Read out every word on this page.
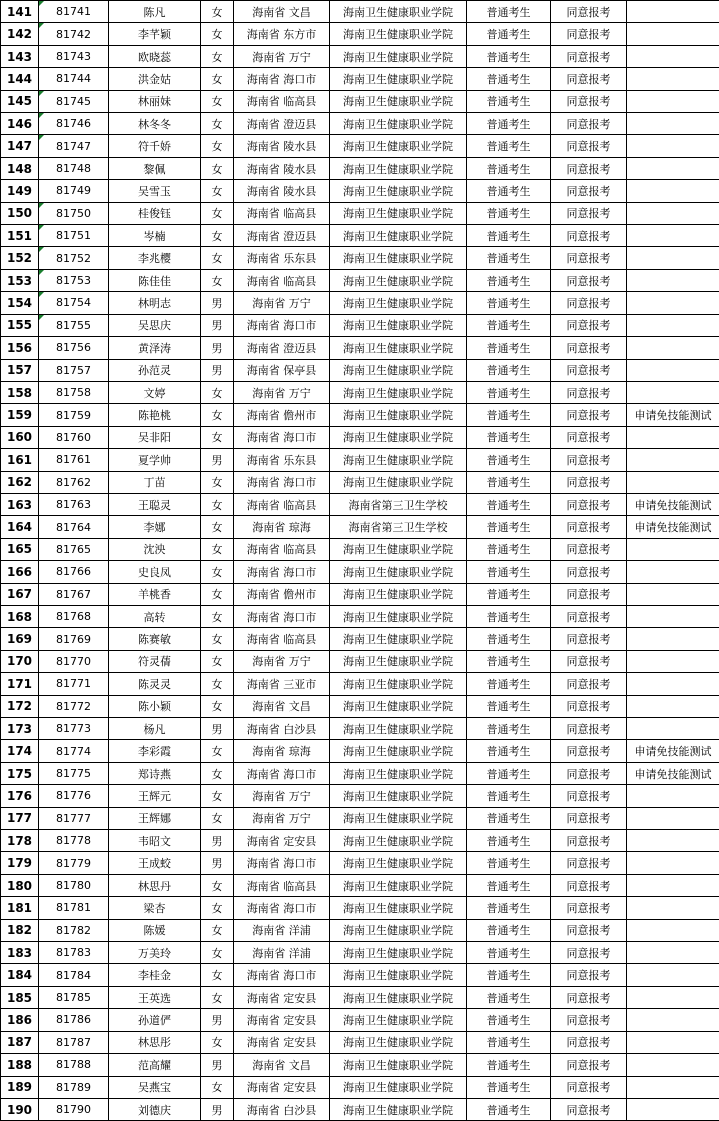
141	81741	陈凡	女	海南省 文昌	海南卫生健康职业学院	普通考生	同意报考	
142	81742	李芊颖	女	海南省 东方市	海南卫生健康职业学院	普通考生	同意报考	
143	81743	欧晓蕊	女	海南省 万宁	海南卫生健康职业学院	普通考生	同意报考	
144	81744	洪金姑	女	海南省 海口市	海南卫生健康职业学院	普通考生	同意报考	
145	81745	林丽妹	女	海南省 临高县	海南卫生健康职业学院	普通考生	同意报考	
146	81746	林冬冬	女	海南省 澄迈县	海南卫生健康职业学院	普通考生	同意报考	
147	81747	符千娇	女	海南省 陵水县	海南卫生健康职业学院	普通考生	同意报考	
148	81748	黎佩	女	海南省 陵水县	海南卫生健康职业学院	普通考生	同意报考	
149	81749	吴雪玉	女	海南省 陵水县	海南卫生健康职业学院	普通考生	同意报考	
150	81750	桂俊钰	女	海南省 临高县	海南卫生健康职业学院	普通考生	同意报考	
151	81751	岑楠	女	海南省 澄迈县	海南卫生健康职业学院	普通考生	同意报考	
152	81752	李兆樱	女	海南省 乐东县	海南卫生健康职业学院	普通考生	同意报考	
153	81753	陈佳佳	女	海南省 临高县	海南卫生健康职业学院	普通考生	同意报考	
154	81754	林明志	男	海南省 万宁	海南卫生健康职业学院	普通考生	同意报考	
155	81755	吴思庆	男	海南省 海口市	海南卫生健康职业学院	普通考生	同意报考	
156	81756	黄泽涛	男	海南省 澄迈县	海南卫生健康职业学院	普通考生	同意报考	
157	81757	孙范灵	男	海南省 保亭县	海南卫生健康职业学院	普通考生	同意报考	
158	81758	文婷	女	海南省 万宁	海南卫生健康职业学院	普通考生	同意报考	
159	81759	陈艳桃	女	海南省 儋州市	海南卫生健康职业学院	普通考生	同意报考	申请免技能测试
160	81760	吴非阳	女	海南省 海口市	海南卫生健康职业学院	普通考生	同意报考	
161	81761	夏学帅	男	海南省 乐东县	海南卫生健康职业学院	普通考生	同意报考	
162	81762	丁苗	女	海南省 海口市	海南卫生健康职业学院	普通考生	同意报考	
163	81763	王聪灵	女	海南省 临高县	海南省第三卫生学校	普通考生	同意报考	申请免技能测试
164	81764	李娜	女	海南省 琼海	海南省第三卫生学校	普通考生	同意报考	申请免技能测试
165	81765	沈泱	女	海南省 临高县	海南卫生健康职业学院	普通考生	同意报考	
166	81766	史良凤	女	海南省 海口市	海南卫生健康职业学院	普通考生	同意报考	
167	81767	羊桃香	女	海南省 儋州市	海南卫生健康职业学院	普通考生	同意报考	
168	81768	高转	女	海南省 海口市	海南卫生健康职业学院	普通考生	同意报考	
169	81769	陈赛敏	女	海南省 临高县	海南卫生健康职业学院	普通考生	同意报考	
170	81770	符灵蒨	女	海南省 万宁	海南卫生健康职业学院	普通考生	同意报考	
171	81771	陈灵灵	女	海南省 三亚市	海南卫生健康职业学院	普通考生	同意报考	
172	81772	陈小颖	女	海南省 文昌	海南卫生健康职业学院	普通考生	同意报考	
173	81773	杨凡	男	海南省 白沙县	海南卫生健康职业学院	普通考生	同意报考	
174	81774	李彩霞	女	海南省 琼海	海南卫生健康职业学院	普通考生	同意报考	申请免技能测试
175	81775	郑诗燕	女	海南省 海口市	海南卫生健康职业学院	普通考生	同意报考	申请免技能测试
176	81776	王辉元	女	海南省 万宁	海南卫生健康职业学院	普通考生	同意报考	
177	81777	王辉娜	女	海南省 万宁	海南卫生健康职业学院	普通考生	同意报考	
178	81778	韦昭文	男	海南省 定安县	海南卫生健康职业学院	普通考生	同意报考	
179	81779	王成蛟	男	海南省 海口市	海南卫生健康职业学院	普通考生	同意报考	
180	81780	林思丹	女	海南省 临高县	海南卫生健康职业学院	普通考生	同意报考	
181	81781	梁杏	女	海南省 海口市	海南卫生健康职业学院	普通考生	同意报考	
182	81782	陈媛	女	海南省 洋浦	海南卫生健康职业学院	普通考生	同意报考	
183	81783	万美玲	女	海南省 洋浦	海南卫生健康职业学院	普通考生	同意报考	
184	81784	李桂金	女	海南省 海口市	海南卫生健康职业学院	普通考生	同意报考	
185	81785	王英选	女	海南省 定安县	海南卫生健康职业学院	普通考生	同意报考	
186	81786	孙道俨	男	海南省 定安县	海南卫生健康职业学院	普通考生	同意报考	
187	81787	林思彤	女	海南省 定安县	海南卫生健康职业学院	普通考生	同意报考	
188	81788	范高耀	男	海南省 文昌	海南卫生健康职业学院	普通考生	同意报考	
189	81789	吴燕宝	女	海南省 定安县	海南卫生健康职业学院	普通考生	同意报考	
190	81790	刘德庆	男	海南省 白沙县	海南卫生健康职业学院	普通考生	同意报考	
